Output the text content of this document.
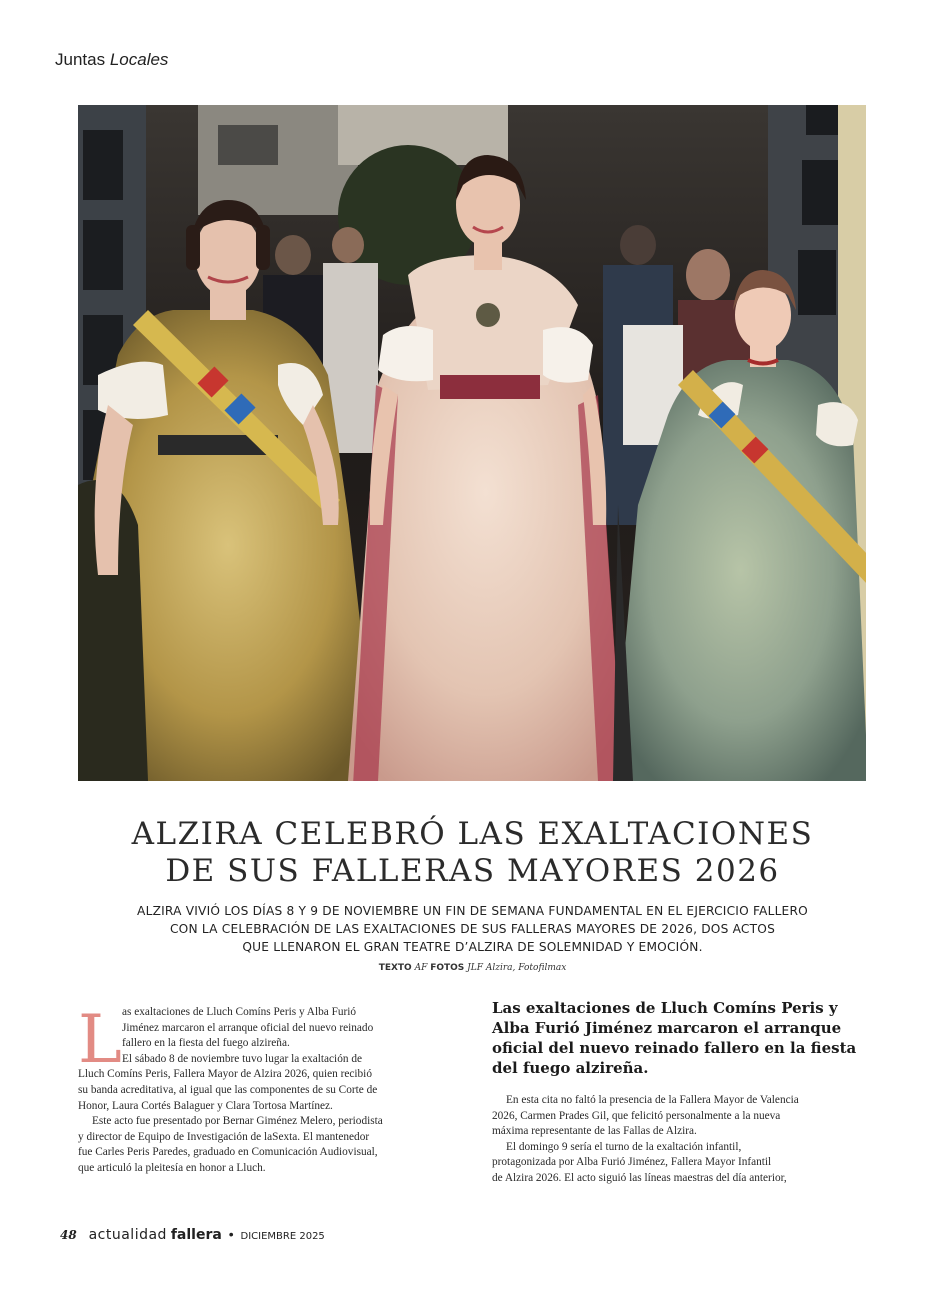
Juntas Locales
ALZIRA CELEBRÓ LAS EXALTACIONES
DE SUS FALLERAS MAYORES 2026

ALZIRA VIVIÓ LOS DÍAS 8 Y 9 DE NOVIEMBRE UN FIN DE SEMANA FUNDAMENTAL EN EL EJERCICIO FALLERO
CON LA CELEBRACIÓN DE LAS EXALTACIONES DE SUS FALLERAS MAYORES DE 2026, DOS ACTOS
QUE LLENARON EL GRAN TEATRE D’ALZIRA DE SOLEMNIDAD Y EMOCIÓN.

TEXTO AF FOTOS JLF Alzira, Fotofilmax
L as exaltaciones de Lluch Comíns Peris y Alba Furió
Jiménez marcaron el arranque oficial del nuevo reinado
fallero en la fiesta del fuego alzireña.
El sábado 8 de noviembre tuvo lugar la exaltación de
Lluch Comíns Peris, Fallera Mayor de Alzira 2026, quien recibió
su banda acreditativa, al igual que las componentes de su Corte de
Honor, Laura Cortés Balaguer y Clara Tortosa Martínez.
Este acto fue presentado por Bernar Giménez Melero, periodista
y director de Equipo de Investigación de laSexta. El mantenedor
fue Carles Peris Paredes, graduado en Comunicación Audiovisual,
que articuló la pleitesía en honor a Lluch.

Las exaltaciones de Lluch Comíns Peris y
Alba Furió Jiménez marcaron el arranque
oficial del nuevo reinado fallero en la fiesta
del fuego alzireña.

En esta cita no faltó la presencia de la Fallera Mayor de Valencia
2026, Carmen Prades Gil, que felicitó personalmente a la nueva
máxima representante de las Fallas de Alzira.
El domingo 9 sería el turno de la exaltación infantil,
protagonizada por Alba Furió Jiménez, Fallera Mayor Infantil
de Alzira 2026. El acto siguió las líneas maestras del día anterior,
48 actualidad fallera • DICIEMBRE 2025
